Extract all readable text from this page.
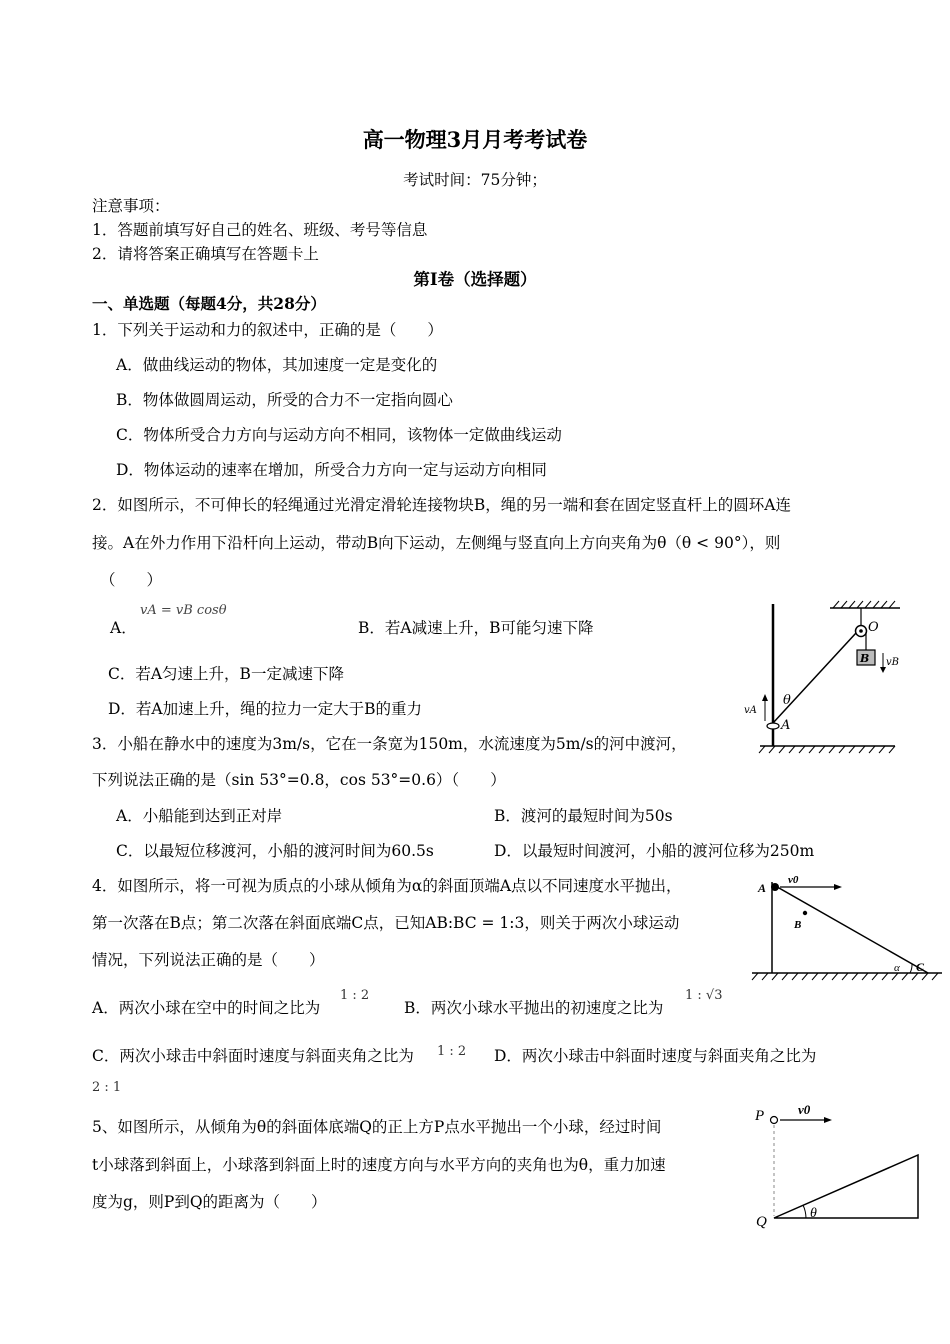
高一物理3月月考考试卷
考试时间：75分钟；
注意事项：
1．答题前填写好自己的姓名、班级、考号等信息
2．请将答案正确填写在答题卡上
第I卷（选择题）
一、单选题（每题4分，共28分）
1．下列关于运动和力的叙述中，正确的是（　　）
A．做曲线运动的物体，其加速度一定是变化的
B．物体做圆周运动，所受的合力不一定指向圆心
C．物体所受合力方向与运动方向不相同，该物体一定做曲线运动
D．物体运动的速率在增加，所受合力方向一定与运动方向相同
2．如图所示，不可伸长的轻绳通过光滑定滑轮连接物块B，绳的另一端和套在固定竖直杆上的圆环A连
接。A在外力作用下沿杆向上运动，带动B向下运动，左侧绳与竖直向上方向夹角为θ（θ < 90°），则
（　　）
A．
vA = vB cosθ
B．若A减速上升，B可能匀速下降
C．若A匀速上升，B一定减速下降
D．若A加速上升，绳的拉力一定大于B的重力
O
B vB
vA
A
θ
3．小船在静水中的速度为3m/s，它在一条宽为150m，水流速度为5m/s的河中渡河，
下列说法正确的是（sin 53°=0.8，cos 53°=0.6）（　　）
A．小船能到达到正对岸	B．渡河的最短时间为50s
C．以最短位移渡河，小船的渡河时间为60.5s	D．以最短时间渡河，小船的渡河位移为250m
4．如图所示，将一可视为质点的小球从倾角为α的斜面顶端A点以不同速度水平抛出，
第一次落在B点；第二次落在斜面底端C点，已知AB:BC = 1:3，则关于两次小球运动
情况，下列说法正确的是（　　）
A
v0
B
α C
A．两次小球在空中的时间之比为
1 : 2
B．两次小球水平抛出的初速度之比为
1 : √3
C．两次小球击中斜面时速度与斜面夹角之比为 1 : 2 D．两次小球击中斜面时速度与斜面夹角之比为
2 : 1
5、如图所示，从倾角为θ的斜面体底端Q的正上方P点水平抛出一个小球，经过时间
t小球落到斜面上，小球落到斜面上时的速度方向与水平方向的夹角也为θ，重力加速
度为g，则P到Q的距离为（　　）
P	v0
Q
θ
